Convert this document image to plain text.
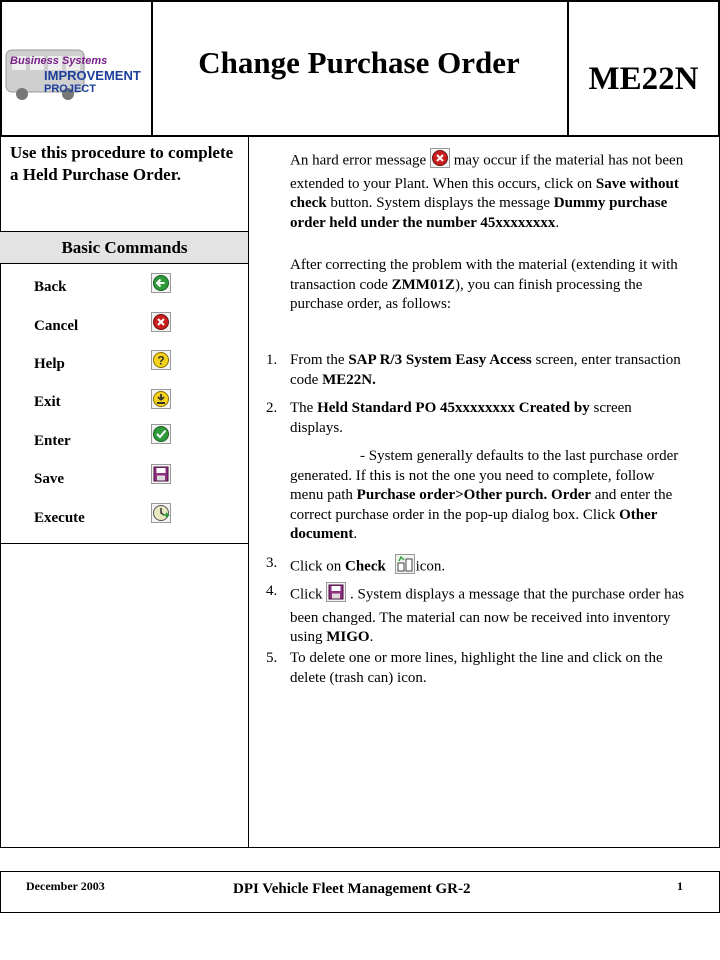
Change Purchase Order ME22N
Business Systems
IMPROVEMENT
PROJECT
Use this procedure to complete a Held Purchase Order.
Basic Commands
Back
Cancel
Help	?
Exit
Enter
Save
Execute
An hard error message  may occur if the material has not been extended to your Plant. When this occurs, click on Save without check button. System displays the message Dummy purchase order held under the number 45xxxxxxxx.
After correcting the problem with the material (extending it with transaction code ZMM01Z), you can finish processing the purchase order, as follows:
1. From the SAP R/3 System Easy Access screen, enter transaction code ME22N.
2. The Held Standard PO 45xxxxxxxx Created by screen displays.
- System generally defaults to the last purchase order generated. If this is not the one you need to complete, follow menu path Purchase order>Other purch. Order and enter the correct purchase order in the pop-up dialog box. Click Other document.
3. Click on Check icon.
4. Click  . System displays a message that the purchase order has been changed. The material can now be received into inventory using MIGO.
5. To delete one or more lines, highlight the line and click on the delete (trash can) icon.
December 2003	DPI Vehicle Fleet Management GR-2	1
